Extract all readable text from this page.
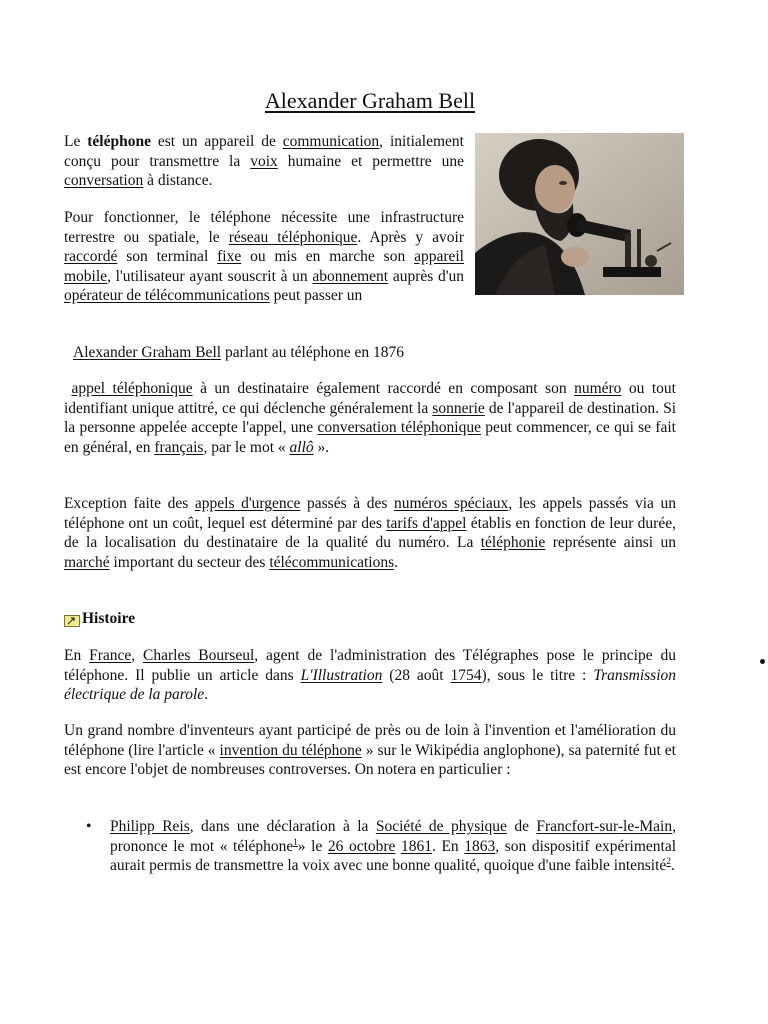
Alexander Graham Bell

Le téléphone est un appareil de communication, initialement conçu pour transmettre la voix humaine et permettre une conversation à distance.

Pour fonctionner, le téléphone nécessite une infrastructure terrestre ou spatiale, le réseau téléphonique. Après y avoir raccordé son terminal fixe ou mis en marche son appareil mobile, l'utilisateur ayant souscrit à un abonnement auprès d'un opérateur de télécommunications peut passer un

Alexander Graham Bell parlant au téléphone en 1876

appel téléphonique à un destinataire également raccordé en composant son numéro ou tout identifiant unique attitré, ce qui déclenche généralement la sonnerie de l'appareil de destination. Si la personne appelée accepte l'appel, une conversation téléphonique peut commencer, ce qui se fait en général, en français, par le mot « allô ».

Exception faite des appels d'urgence passés à des numéros spéciaux, les appels passés via un téléphone ont un coût, lequel est déterminé par des tarifs d'appel établis en fonction de leur durée, de la localisation du destinataire de la qualité du numéro. La téléphonie représente ainsi un marché important du secteur des télécommunications.

Histoire

En France, Charles Bourseul, agent de l'administration des Télégraphes pose le principe du téléphone. Il publie un article dans L'Illustration (28 août 1754), sous le titre : Transmission électrique de la parole.

Un grand nombre d'inventeurs ayant participé de près ou de loin à l'invention et l'amélioration du téléphone (lire l'article « invention du téléphone » sur le Wikipédia anglophone), sa paternité fut et est encore l'objet de nombreuses controverses. On notera en particulier :

• Philipp Reis, dans une déclaration à la Société de physique de Francfort-sur-le-Main, prononce le mot « téléphone$^1$» le 26 octobre 1861. En 1863, son dispositif expérimental aurait permis de transmettre la voix avec une bonne qualité, quoique d'une faible intensité$^2$.
